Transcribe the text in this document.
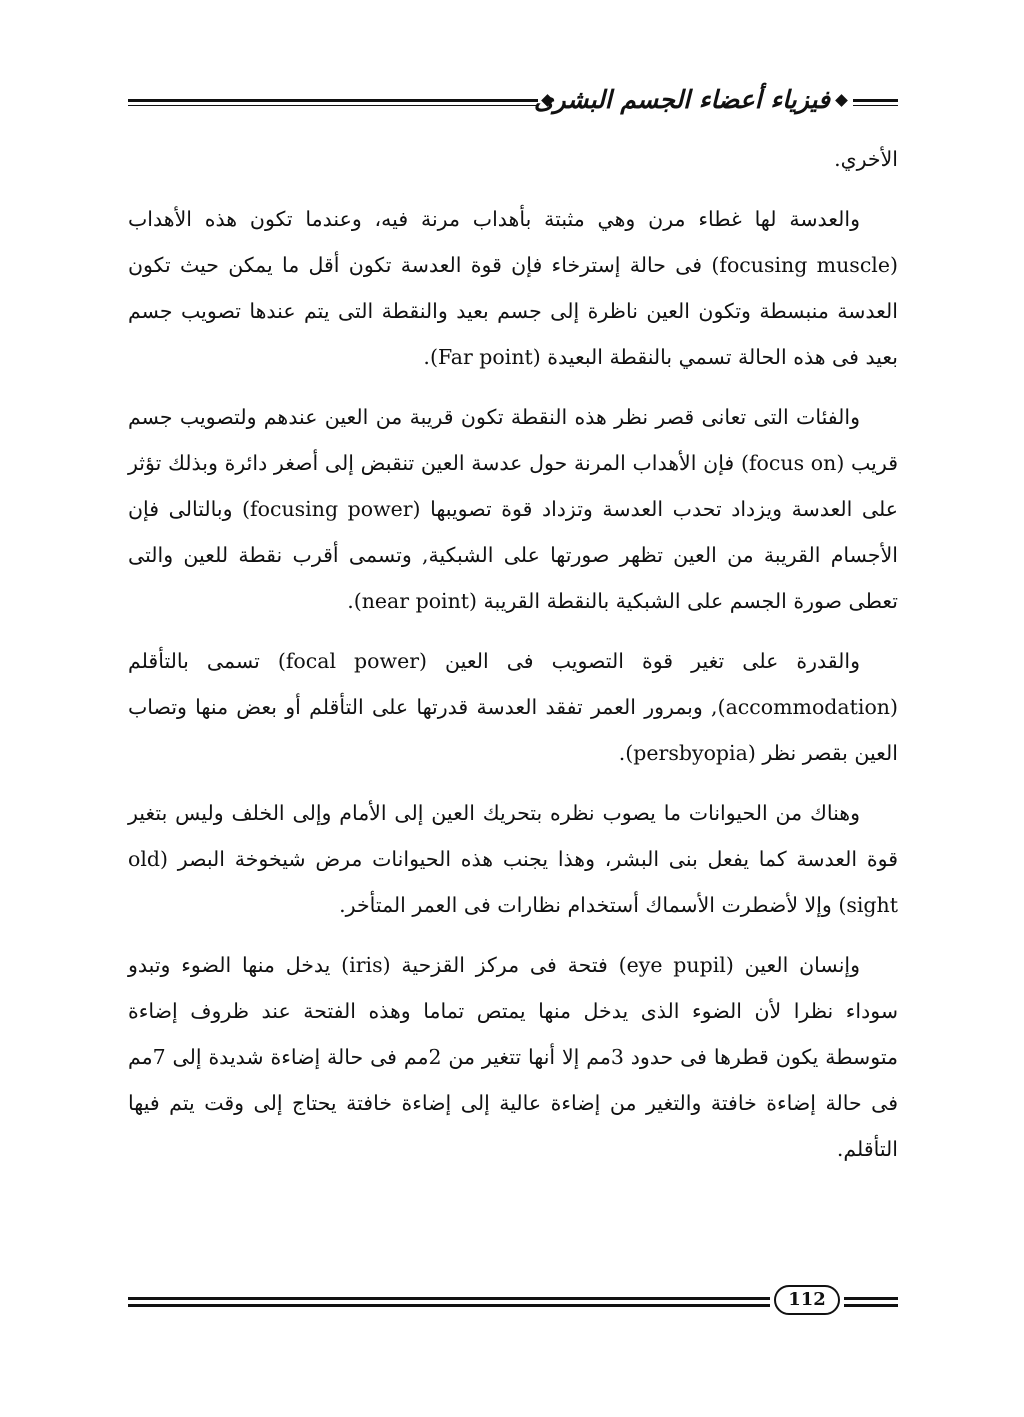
فيزياء أعضاء الجسم البشرى

الأخري.

والعدسة لها غطاء مرن وهي مثبتة بأهداب مرنة فيه، وعندما تكون هذه الأهداب (focusing muscle) فى حالة إسترخاء فإن قوة العدسة تكون أقل ما يمكن حيث تكون العدسة منبسطة وتكون العين ناظرة إلى جسم بعيد والنقطة التى يتم عندها تصويب جسم بعيد فى هذه الحالة تسمي بالنقطة البعيدة (Far point).

والفئات التى تعانى قصر نظر هذه النقطة تكون قريبة من العين عندهم ولتصويب جسم قريب (focus on) فإن الأهداب المرنة حول عدسة العين تنقبض إلى أصغر دائرة وبذلك تؤثر على العدسة ويزداد تحدب العدسة وتزداد قوة تصويبها (focusing power) وبالتالى فإن الأجسام القريبة من العين تظهر صورتها على الشبكية, وتسمى أقرب نقطة للعين والتى تعطى صورة الجسم على الشبكية بالنقطة القريبة (near point).

والقدرة على تغير قوة التصويب فى العين (focal power) تسمى بالتأقلم (accommodation), وبمرور العمر تفقد العدسة قدرتها على التأقلم أو بعض منها وتصاب العين بقصر نظر (persbyopia).

وهناك من الحيوانات ما يصوب نظره بتحريك العين إلى الأمام وإلى الخلف وليس بتغير قوة العدسة كما يفعل بنى البشر، وهذا يجنب هذه الحيوانات مرض شيخوخة البصر (old sight) وإلا لأضطرت الأسماك أستخدام نظارات فى العمر المتأخر.

وإنسان العين (eye pupil) فتحة فى مركز القزحية (iris) يدخل منها الضوء وتبدو سوداء نظرا لأن الضوء الذى يدخل منها يمتص تماما وهذه الفتحة عند ظروف إضاءة متوسطة يكون قطرها فى حدود 3مم إلا أنها تتغير من 2مم فى حالة إضاءة شديدة إلى 7مم فى حالة إضاءة خافتة والتغير من إضاءة عالية إلى إضاءة خافتة يحتاج إلى وقت يتم فيها التأقلم.

112
